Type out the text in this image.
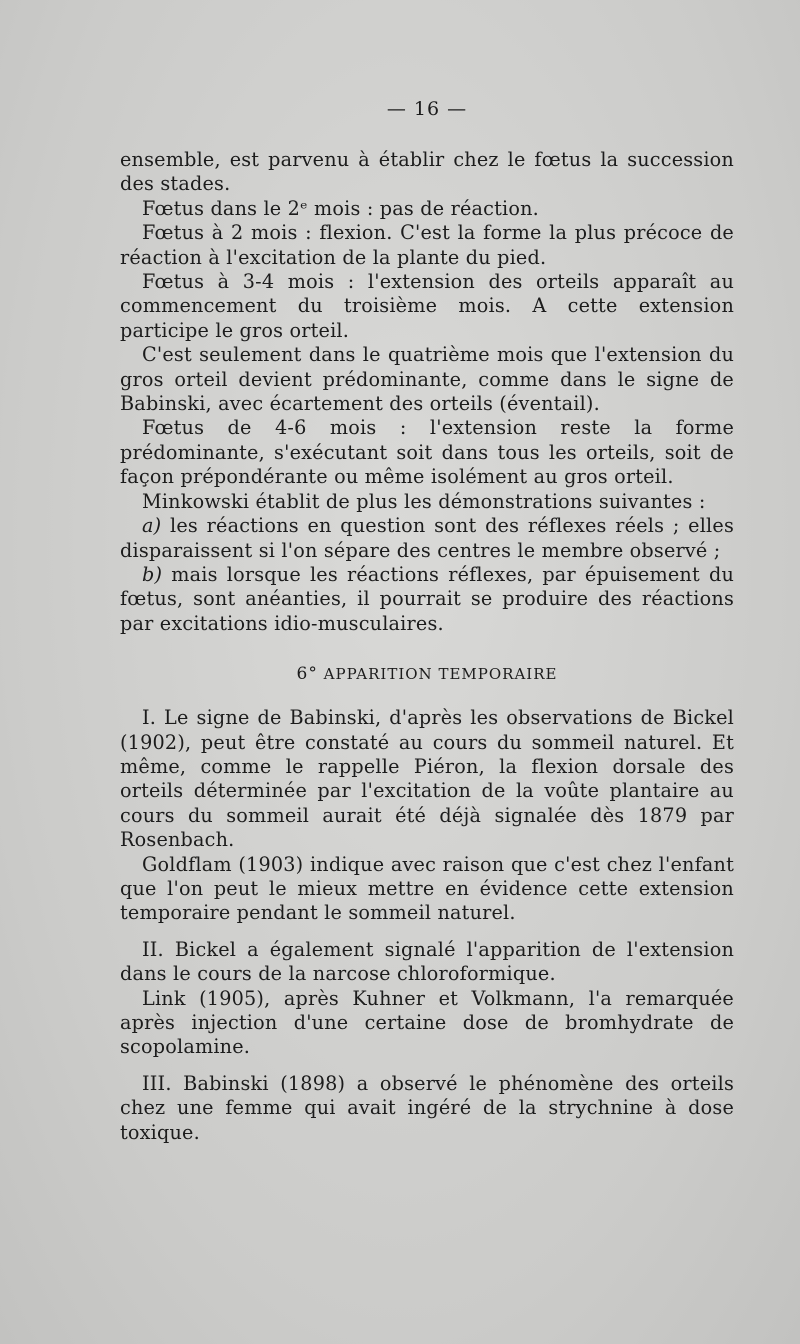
— 16 —

ensemble, est parvenu à établir chez le fœtus la succession des stades.

Fœtus dans le 2ᵉ mois : pas de réaction.

Fœtus à 2 mois : flexion. C'est la forme la plus précoce de réaction à l'excitation de la plante du pied.

Fœtus à 3-4 mois : l'extension des orteils apparaît au commencement du troisième mois. A cette extension participe le gros orteil.

C'est seulement dans le quatrième mois que l'extension du gros orteil devient prédominante, comme dans le signe de Babinski, avec écartement des orteils (éventail).

Fœtus de 4-6 mois : l'extension reste la forme prédominante, s'exécutant soit dans tous les orteils, soit de façon prépondérante ou même isolément au gros orteil.

Minkowski établit de plus les démonstrations suivantes :

a) les réactions en question sont des réflexes réels ; elles disparaissent si l'on sépare des centres le membre observé ;

b) mais lorsque les réactions réflexes, par épuisement du fœtus, sont anéanties, il pourrait se produire des réactions par excitations idio-musculaires.

6° APPARITION TEMPORAIRE

I. Le signe de Babinski, d'après les observations de Bickel (1902), peut être constaté au cours du sommeil naturel. Et même, comme le rappelle Piéron, la flexion dorsale des orteils déterminée par l'excitation de la voûte plantaire au cours du sommeil aurait été déjà signalée dès 1879 par Rosenbach.

Goldflam (1903) indique avec raison que c'est chez l'enfant que l'on peut le mieux mettre en évidence cette extension temporaire pendant le sommeil naturel.

II. Bickel a également signalé l'apparition de l'extension dans le cours de la narcose chloroformique.

Link (1905), après Kuhner et Volkmann, l'a remarquée après injection d'une certaine dose de bromhydrate de scopolamine.

III. Babinski (1898) a observé le phénomène des orteils chez une femme qui avait ingéré de la strychnine à dose toxique.
